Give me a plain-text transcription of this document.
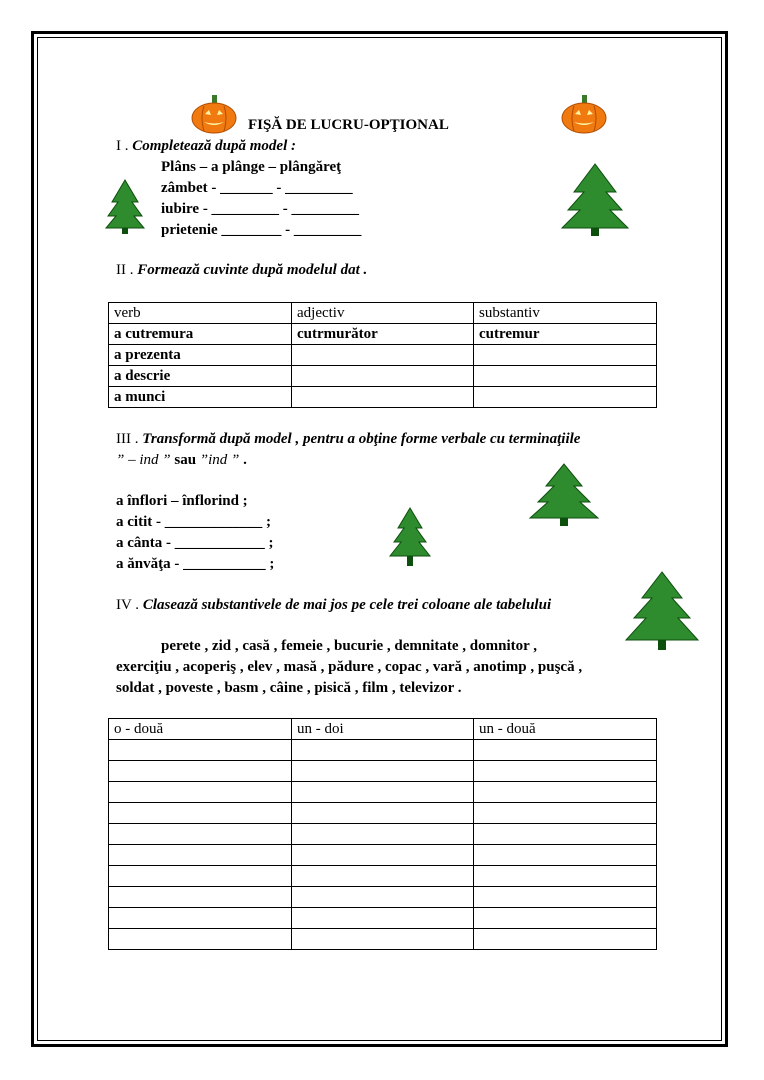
FIŞĂ DE LUCRU-OPŢIONAL
I . Completează după model :
Plâns – a plânge – plângăreţ
zâmbet - _______ - _________
iubire - _________ - _________
prietenie ________ - _________
II . Formează cuvinte după modelul dat .
verb	adjectiv	substantiv
a cutremura	cutrmurător	cutremur
a prezenta		
a descrie		
a munci		
III . Transformă după model , pentru a obţine forme verbale cu terminaţiile
” – ind ” sau ”ind ” .
a înflori – înflorind ;
a citit - _____________ ;
a cânta - ____________ ;
a ănvăţa - ___________ ;
IV . Clasează substantivele de mai jos pe cele trei coloane ale tabelului
perete , zid , casă , femeie , bucurie , demnitate , domnitor ,
exerciţiu , acoperiş , elev , masă , pădure , copac , vară , anotimp , puşcă ,
soldat , poveste , basm , câine , pisică , film , televizor .
o - două	un - doi	un - două
